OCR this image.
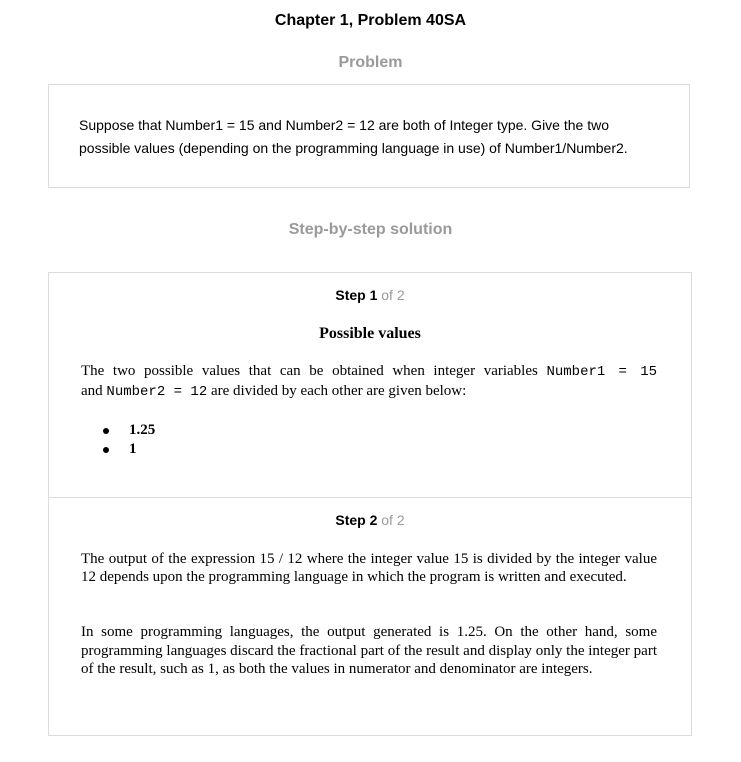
Chapter 1, Problem 40SA
Problem
Suppose that Number1 = 15 and Number2 = 12 are both of Integer type. Give the two possible values (depending on the programming language in use) of Number1/Number2.
Step-by-step solution
Step 1 of 2
Possible values
The two possible values that can be obtained when integer variables Number1 = 15
and Number2 = 12 are divided by each other are given below:
1.25
1
Step 2 of 2
The output of the expression 15 / 12 where the integer value 15 is divided by the integer value 12 depends upon the programming language in which the program is written and executed.
In some programming languages, the output generated is 1.25. On the other hand, some programming languages discard the fractional part of the result and display only the integer part of the result, such as 1, as both the values in numerator and denominator are integers.
